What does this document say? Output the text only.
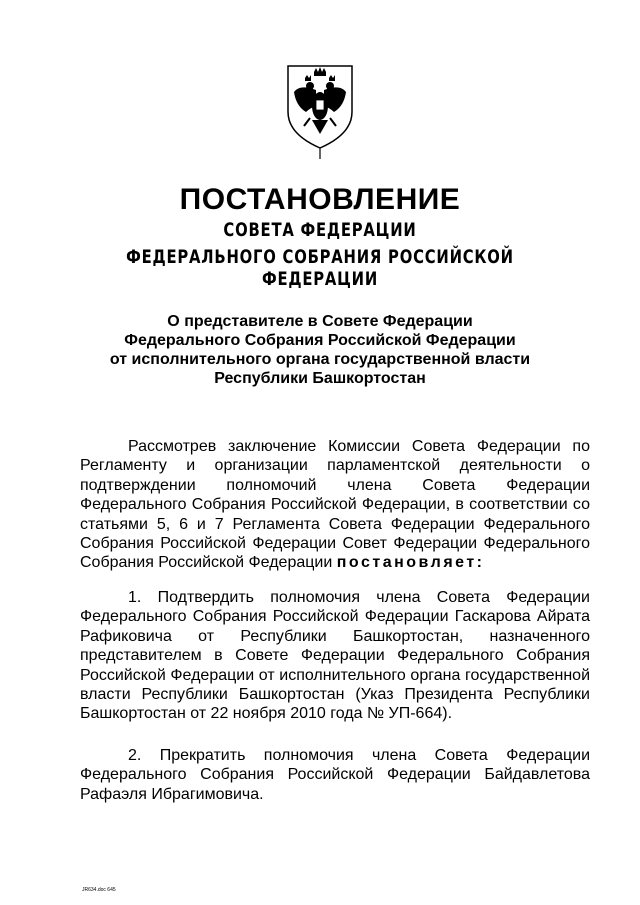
ПОСТАНОВЛЕНИЕ
СОВЕТА ФЕДЕРАЦИИ
ФЕДЕРАЛЬНОГО СОБРАНИЯ РОССИЙСКОЙ ФЕДЕРАЦИИ
О представителе в Совете Федерации
Федерального Собрания Российской Федерации
от исполнительного органа государственной власти
Республики Башкортостан
Рассмотрев заключение Комиссии Совета Федерации по Регламенту и организации парламентской деятельности о подтверждении полномочий члена Совета Федерации Федерального Собрания Российской Федерации, в соответствии со статьями 5, 6 и 7 Регламента Совета Федерации Федерального Собрания Российской Федерации Совет Федерации Федерального Собрания Российской Федерации постановляет:
1. Подтвердить полномочия члена Совета Федерации Федерального Собрания Российской Федерации Гаскарова Айрата Рафиковича от Республики Башкортостан, назначенного представителем в Совете Федерации Федерального Собрания Российской Федерации от исполнительного органа государственной власти Республики Башкортостан (Указ Президента Республики Башкортостан от 22 ноября 2010 года № УП-664).
2. Прекратить полномочия члена Совета Федерации Федерального Собрания Российской Федерации Байдавлетова Рафаэля Ибрагимовича.
JR634.doc 645
